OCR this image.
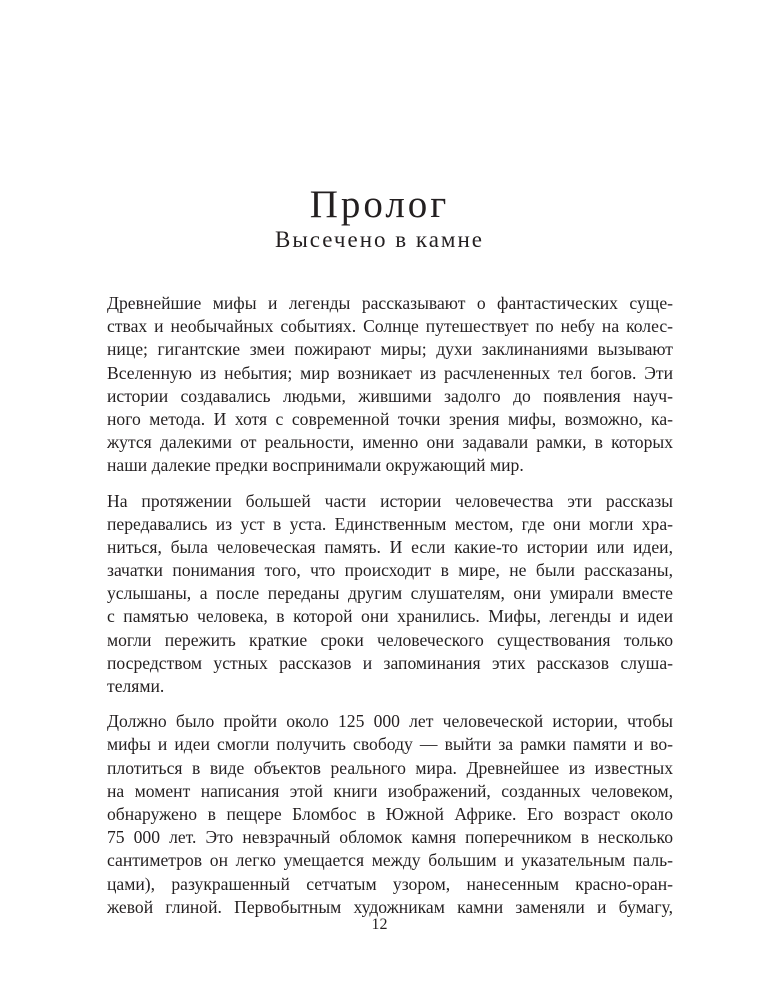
Пролог
Высечено в камне
Древнейшие мифы и легенды рассказывают о фантастических суще-
ствах и необычайных событиях. Солнце путешествует по небу на колес-
нице; гигантские змеи пожирают миры; духи заклинаниями вызывают
Вселенную из небытия; мир возникает из расчлененных тел богов. Эти
истории создавались людьми, жившими задолго до появления науч-
ного метода. И хотя с современной точки зрения мифы, возможно, ка-
жутся далекими от реальности, именно они задавали рамки, в которых
наши далекие предки воспринимали окружающий мир.
На протяжении большей части истории человечества эти рассказы
передавались из уст в уста. Единственным местом, где они могли хра-
ниться, была человеческая память. И если какие-то истории или идеи,
зачатки понимания того, что происходит в мире, не были рассказаны,
услышаны, а после переданы другим слушателям, они умирали вместе
с памятью человека, в которой они хранились. Мифы, легенды и идеи
могли пережить краткие сроки человеческого существования только
посредством устных рассказов и запоминания этих рассказов слуша-
телями.
Должно было пройти около 125 000 лет человеческой истории, чтобы
мифы и идеи смогли получить свободу — выйти за рамки памяти и во-
плотиться в виде объектов реального мира. Древнейшее из известных
на момент написания этой книги изображений, созданных человеком,
обнаружено в пещере Бломбос в Южной Африке. Его возраст около
75 000 лет. Это невзрачный обломок камня поперечником в несколько
сантиметров он легко умещается между большим и указательным паль-
цами), разукрашенный сетчатым узором, нанесенным красно-оран-
жевой глиной. Первобытным художникам камни заменяли и бумагу,
12
